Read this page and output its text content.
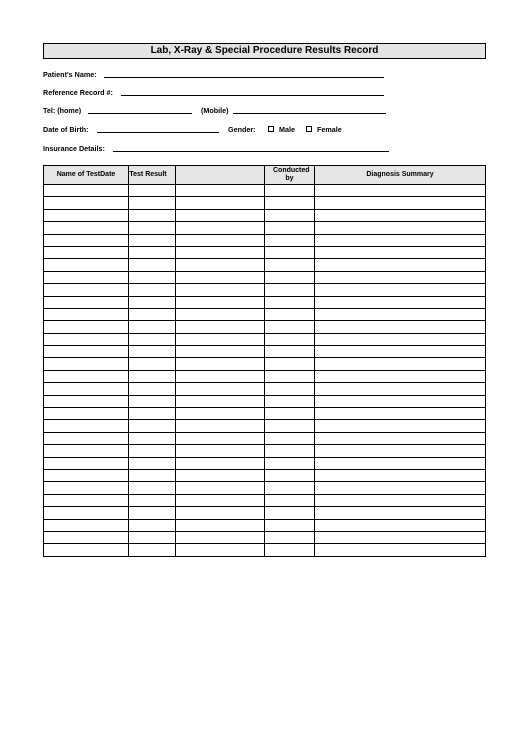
Lab, X-Ray & Special Procedure Results Record
Patient's Name:
Reference Record #:
Tel: (home)	(Mobile)
Date of Birth:	Gender:	Male	Female
Insurance Details:
Name of TestDate	Test Result		Conducted by	Diagnosis Summary
